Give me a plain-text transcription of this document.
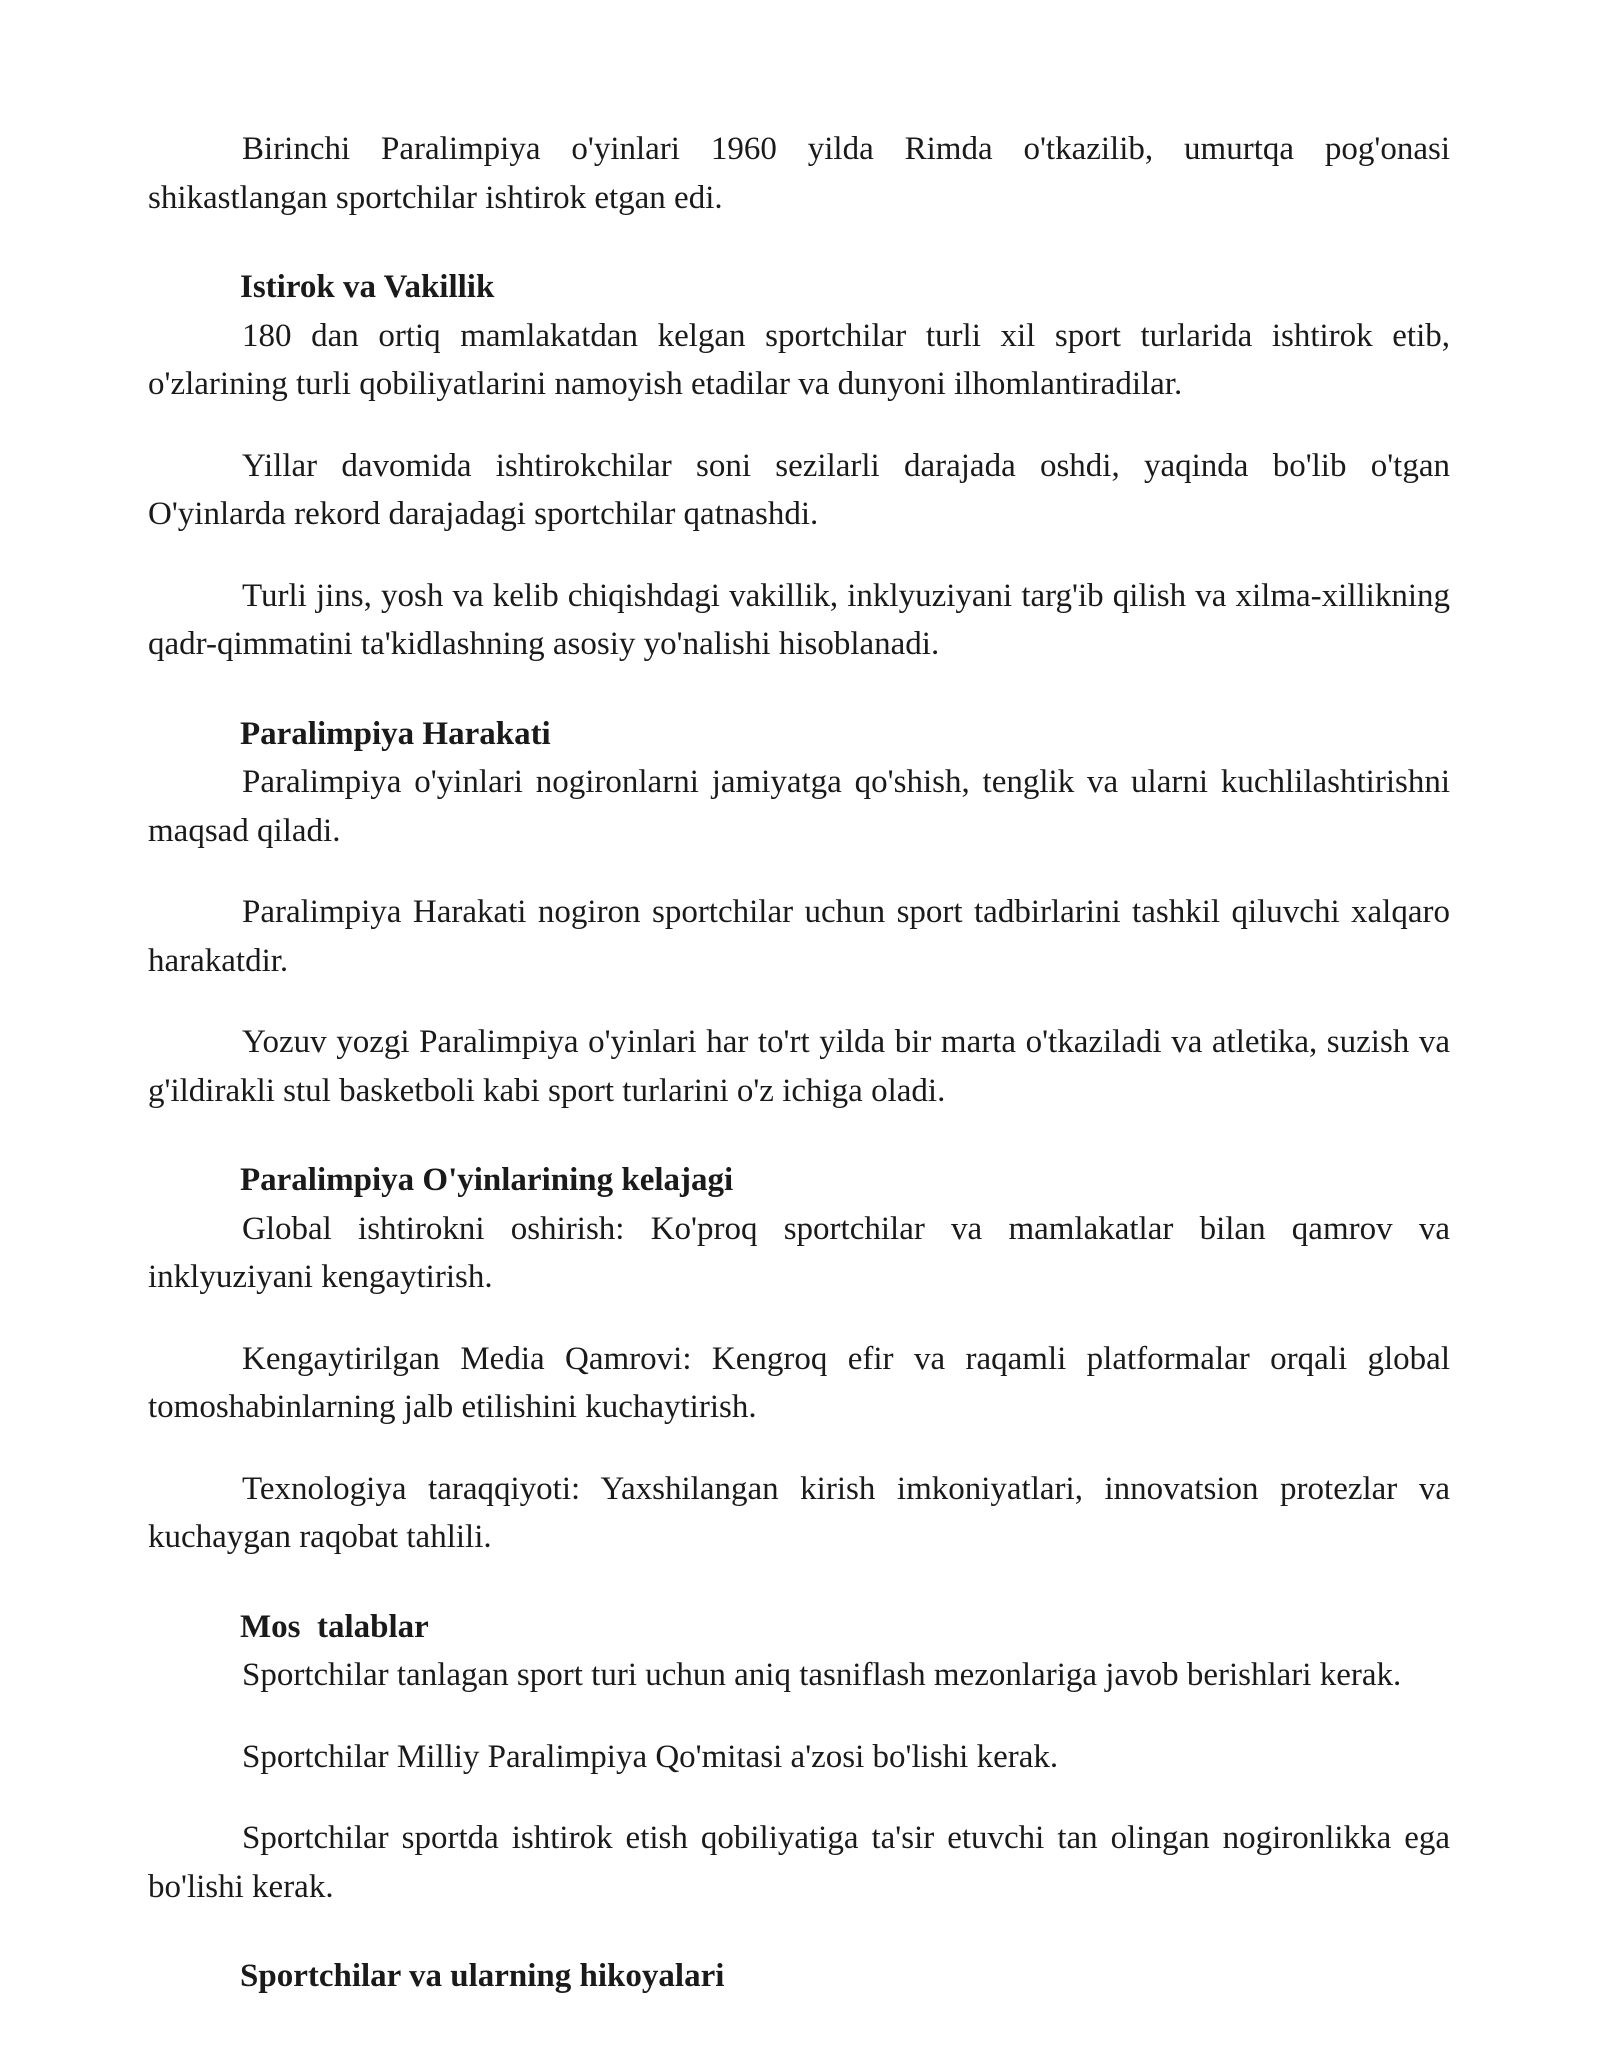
Birinchi Paralimpiya o'yinlari 1960 yilda Rimda o'tkazilib, umurtqa pog'onasi shikastlangan sportchilar ishtirok etgan edi.

Istirok va Vakillik

180 dan ortiq mamlakatdan kelgan sportchilar turli xil sport turlarida ishtirok etib, o'zlarining turli qobiliyatlarini namoyish etadilar va dunyoni ilhomlantiradilar.

Yillar davomida ishtirokchilar soni sezilarli darajada oshdi, yaqinda bo'lib o'tgan O'yinlarda rekord darajadagi sportchilar qatnashdi.

Turli jins, yosh va kelib chiqishdagi vakillik, inklyuziyani targ'ib qilish va xilma-xillikning qadr-qimmatini ta'kidlashning asosiy yo'nalishi hisoblanadi.

Paralimpiya Harakati

Paralimpiya o'yinlari nogironlarni jamiyatga qo'shish, tenglik va ularni kuchlilashtirishni maqsad qiladi.

Paralimpiya Harakati nogiron sportchilar uchun sport tadbirlarini tashkil qiluvchi xalqaro harakatdir.

Yozuv yozgi Paralimpiya o'yinlari har to'rt yilda bir marta o'tkaziladi va atletika, suzish va g'ildirakli stul basketboli kabi sport turlarini o'z ichiga oladi.

Paralimpiya O'yinlarining kelajagi

Global ishtirokni oshirish: Ko'proq sportchilar va mamlakatlar bilan qamrov va inklyuziyani kengaytirish.

Kengaytirilgan Media Qamrovi: Kengroq efir va raqamli platformalar orqali global tomoshabinlarning jalb etilishini kuchaytirish.

Texnologiya taraqqiyoti: Yaxshilangan kirish imkoniyatlari, innovatsion protezlar va kuchaygan raqobat tahlili.

Mos  talablar

Sportchilar tanlagan sport turi uchun aniq tasniflash mezonlariga javob berishlari kerak.

Sportchilar Milliy Paralimpiya Qo'mitasi a'zosi bo'lishi kerak.

Sportchilar sportda ishtirok etish qobiliyatiga ta'sir etuvchi tan olingan nogironlikka ega bo'lishi kerak.

Sportchilar va ularning hikoyalari
